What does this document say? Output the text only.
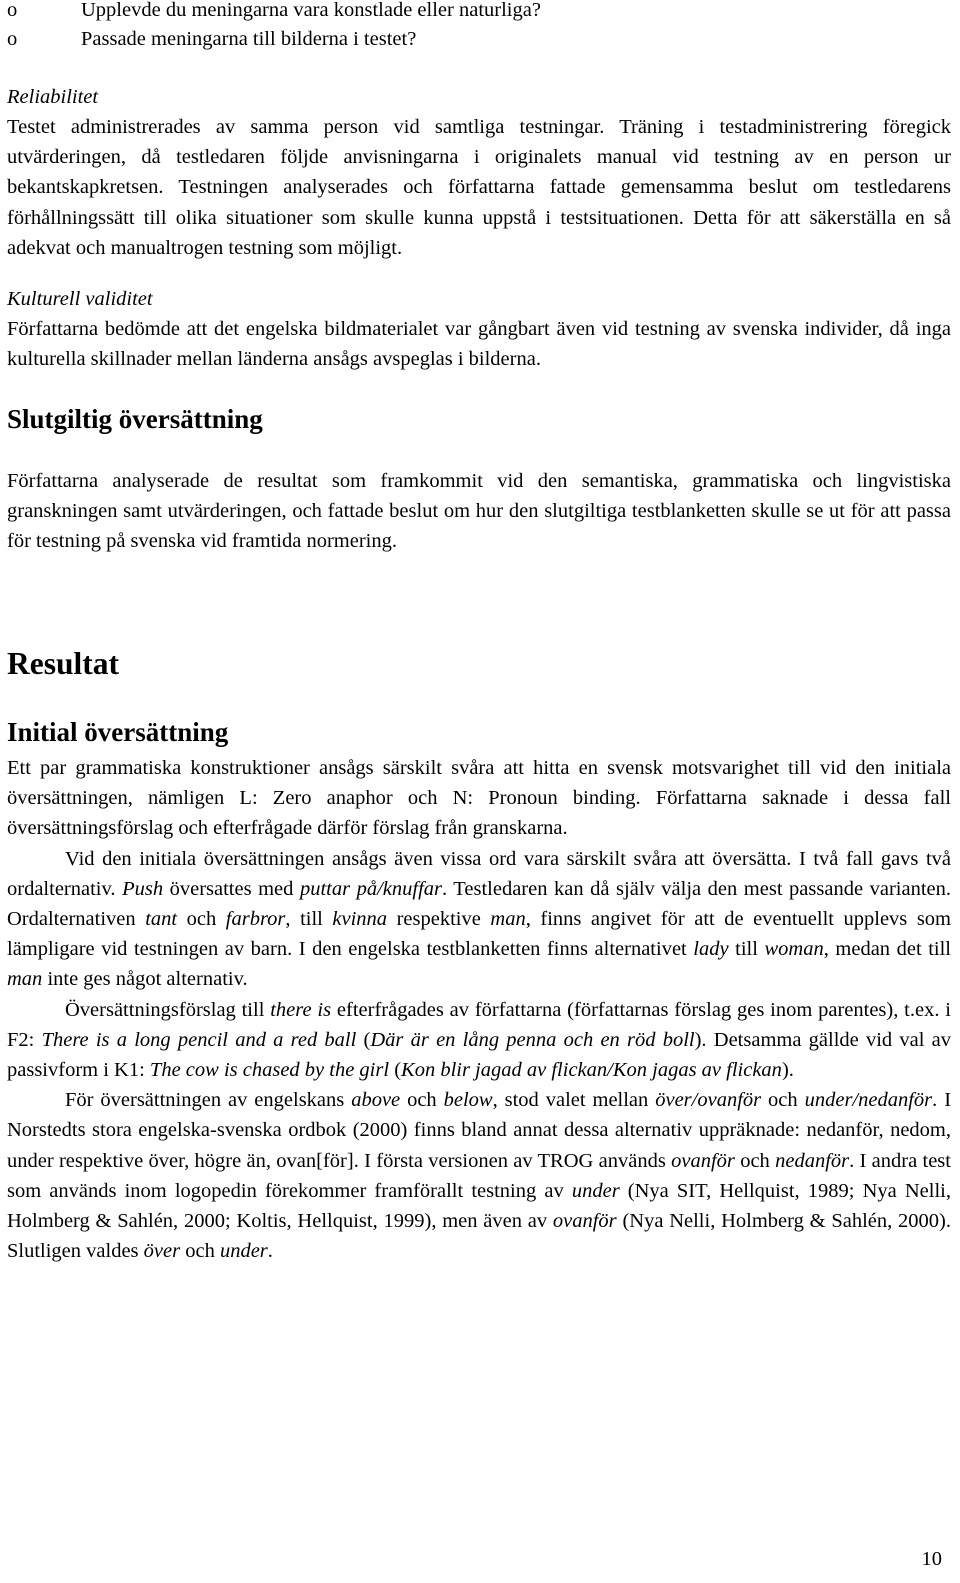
o	Upplevde du meningarna vara konstlade eller naturliga?
o	Passade meningarna till bilderna i testet?

Reliabilitet

Testet administrerades av samma person vid samtliga testningar. Träning i testadministrering föregick utvärderingen, då testledaren följde anvisningarna i originalets manual vid testning av en person ur bekantskapkretsen. Testningen analyserades och författarna fattade gemensamma beslut om testledarens förhållningssätt till olika situationer som skulle kunna uppstå i testsituationen. Detta för att säkerställa en så adekvat och manualtrogen testning som möjligt.

Kulturell validitet

Författarna bedömde att det engelska bildmaterialet var gångbart även vid testning av svenska individer, då inga kulturella skillnader mellan länderna ansågs avspeglas i bilderna.

Slutgiltig översättning

Författarna analyserade de resultat som framkommit vid den semantiska, grammatiska och lingvistiska granskningen samt utvärderingen, och fattade beslut om hur den slutgiltiga testblanketten skulle se ut för att passa för testning på svenska vid framtida normering.

Resultat
Initial översättning

Ett par grammatiska konstruktioner ansågs särskilt svåra att hitta en svensk motsvarighet till vid den initiala översättningen, nämligen L: Zero anaphor och N: Pronoun binding. Författarna saknade i dessa fall översättningsförslag och efterfrågade därför förslag från granskarna.

Vid den initiala översättningen ansågs även vissa ord vara särskilt svåra att översätta. I två fall gavs två ordalternativ. Push översattes med puttar på/knuffar. Testledaren kan då själv välja den mest passande varianten. Ordalternativen tant och farbror, till kvinna respektive man, finns angivet för att de eventuellt upplevs som lämpligare vid testningen av barn. I den engelska testblanketten finns alternativet lady till woman, medan det till man inte ges något alternativ.

Översättningsförslag till there is efterfrågades av författarna (författarnas förslag ges inom parentes), t.ex. i F2: There is a long pencil and a red ball (Där är en lång penna och en röd boll). Detsamma gällde vid val av passivform i K1: The cow is chased by the girl (Kon blir jagad av flickan/Kon jagas av flickan).

För översättningen av engelskans above och below, stod valet mellan över/ovanför och under/nedanför. I Norstedts stora engelska-svenska ordbok (2000) finns bland annat dessa alternativ uppräknade: nedanför, nedom, under respektive över, högre än, ovan[för]. I första versionen av TROG används ovanför och nedanför. I andra test som används inom logopedin förekommer framförallt testning av under (Nya SIT, Hellquist, 1989; Nya Nelli, Holmberg & Sahlén, 2000; Koltis, Hellquist, 1999), men även av ovanför (Nya Nelli, Holmberg & Sahlén, 2000). Slutligen valdes över och under.

10
